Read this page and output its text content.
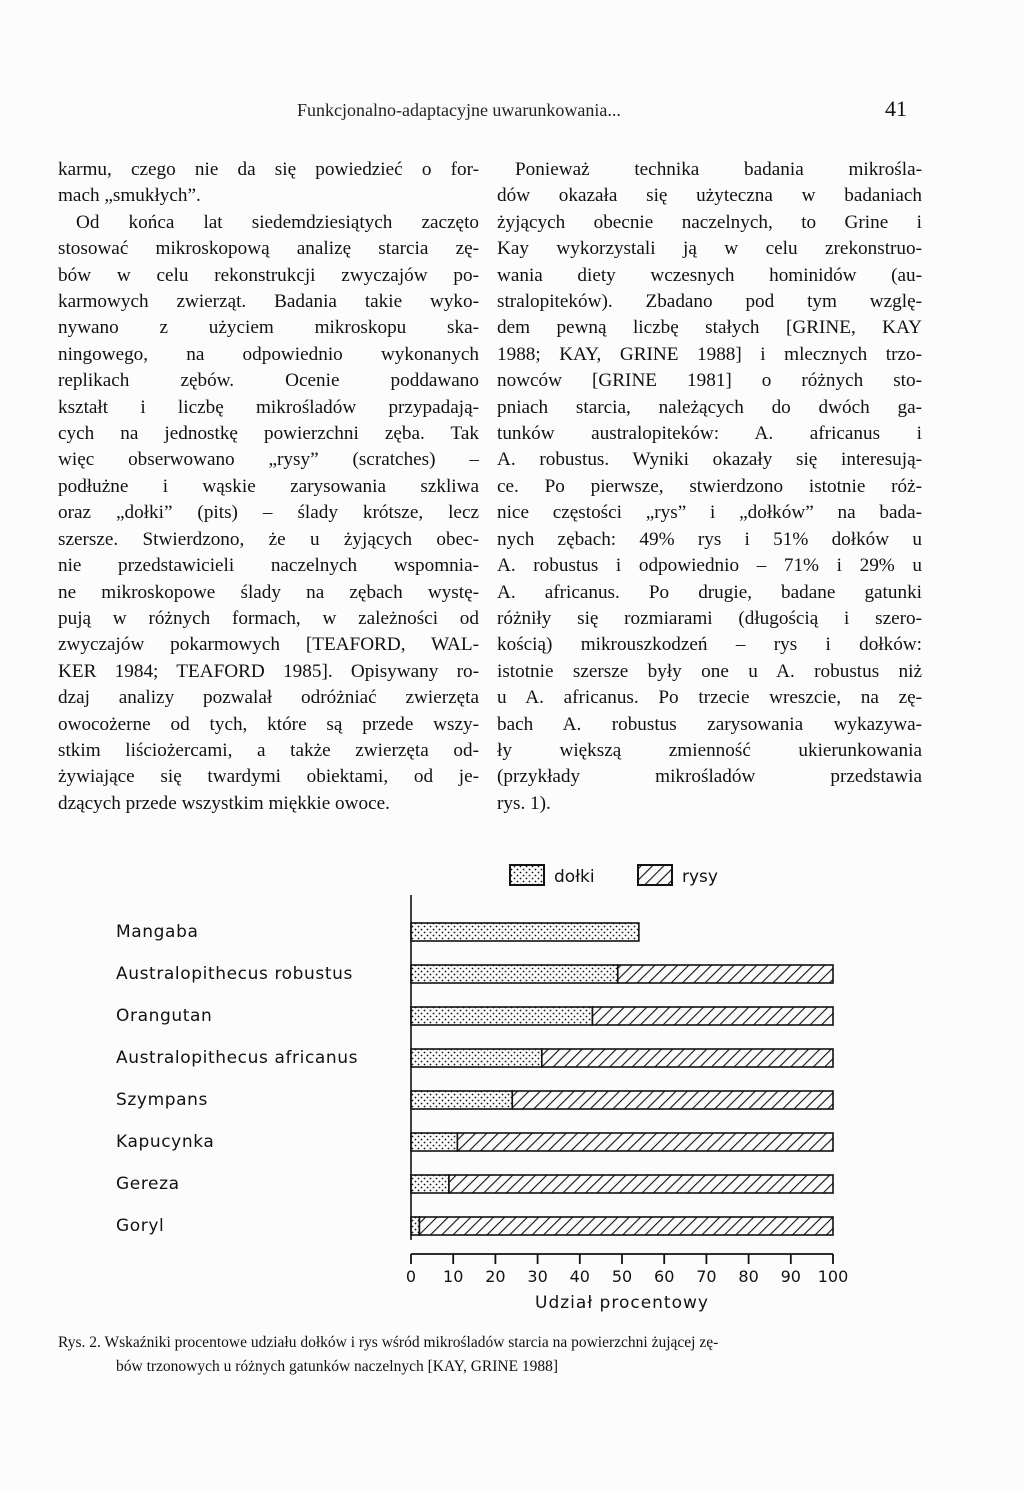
Funkcjonalno-adaptacyjne uwarunkowania...	41
karmu, czego nie da się powiedzieć o for-
mach „smukłych”.
Od końca lat siedemdziesiątych zaczęto
stosować mikroskopową analizę starcia zę-
bów w celu rekonstrukcji zwyczajów po-
karmowych zwierząt. Badania takie wyko-
nywano z użyciem mikroskopu ska-
ningowego, na odpowiednio wykonanych
replikach zębów. Ocenie poddawano
kształt i liczbę mikrośladów przypadają-
cych na jednostkę powierzchni zęba. Tak
więc obserwowano „rysy” (scratches) –
podłużne i wąskie zarysowania szkliwa
oraz „dołki” (pits) – ślady krótsze, lecz
szersze. Stwierdzono, że u żyjących obec-
nie przedstawicieli naczelnych wspomnia-
ne mikroskopowe ślady na zębach wystę-
pują w różnych formach, w zależności od
zwyczajów pokarmowych [TEAFORD, WAL-
KER 1984; TEAFORD 1985]. Opisywany ro-
dzaj analizy pozwalał odróżniać zwierzęta
owocożerne od tych, które są przede wszy-
stkim liściożercami, a także zwierzęta od-
żywiające się twardymi obiektami, od je-
dzących przede wszystkim miękkie owoce.
Ponieważ technika badania mikrośla-
dów okazała się użyteczna w badaniach
żyjących obecnie naczelnych, to Grine i
Kay wykorzystali ją w celu zrekonstruo-
wania diety wczesnych hominidów (au-
stralopiteków). Zbadano pod tym wzglę-
dem pewną liczbę stałych [GRINE, KAY
1988; KAY, GRINE 1988] i mlecznych trzo-
nowców [GRINE 1981] o różnych sto-
pniach starcia, należących do dwóch ga-
tunków australopiteków: A. africanus i
A. robustus. Wyniki okazały się interesują-
ce. Po pierwsze, stwierdzono istotnie róż-
nice częstości „rys” i „dołków” na bada-
nych zębach: 49% rys i 51% dołków u
A. robustus i odpowiednio – 71% i 29% u
A. africanus. Po drugie, badane gatunki
różniły się rozmiarami (długością i szero-
kością) mikrouszkodzeń – rys i dołków:
istotnie szersze były one u A. robustus niż
u A. africanus. Po trzecie wreszcie, na zę-
bach A. robustus zarysowania wykazywa-
ły większą zmienność ukierunkowania
(przykłady mikrośladów przedstawia
rys. 1).
dołki	rysy
Mangaba
Australopithecus robustus
Orangutan
Australopithecus africanus
Szympans
Kapucynka
Gereza
Goryl
0 10 20 30 40 50 60 70 80 90 100
Udział procentowy
Rys. 2. Wskaźniki procentowe udziału dołków i rys wśród mikrośladów starcia na powierzchni żującej zę-
bów trzonowych u różnych gatunków naczelnych [KAY, GRINE 1988]
